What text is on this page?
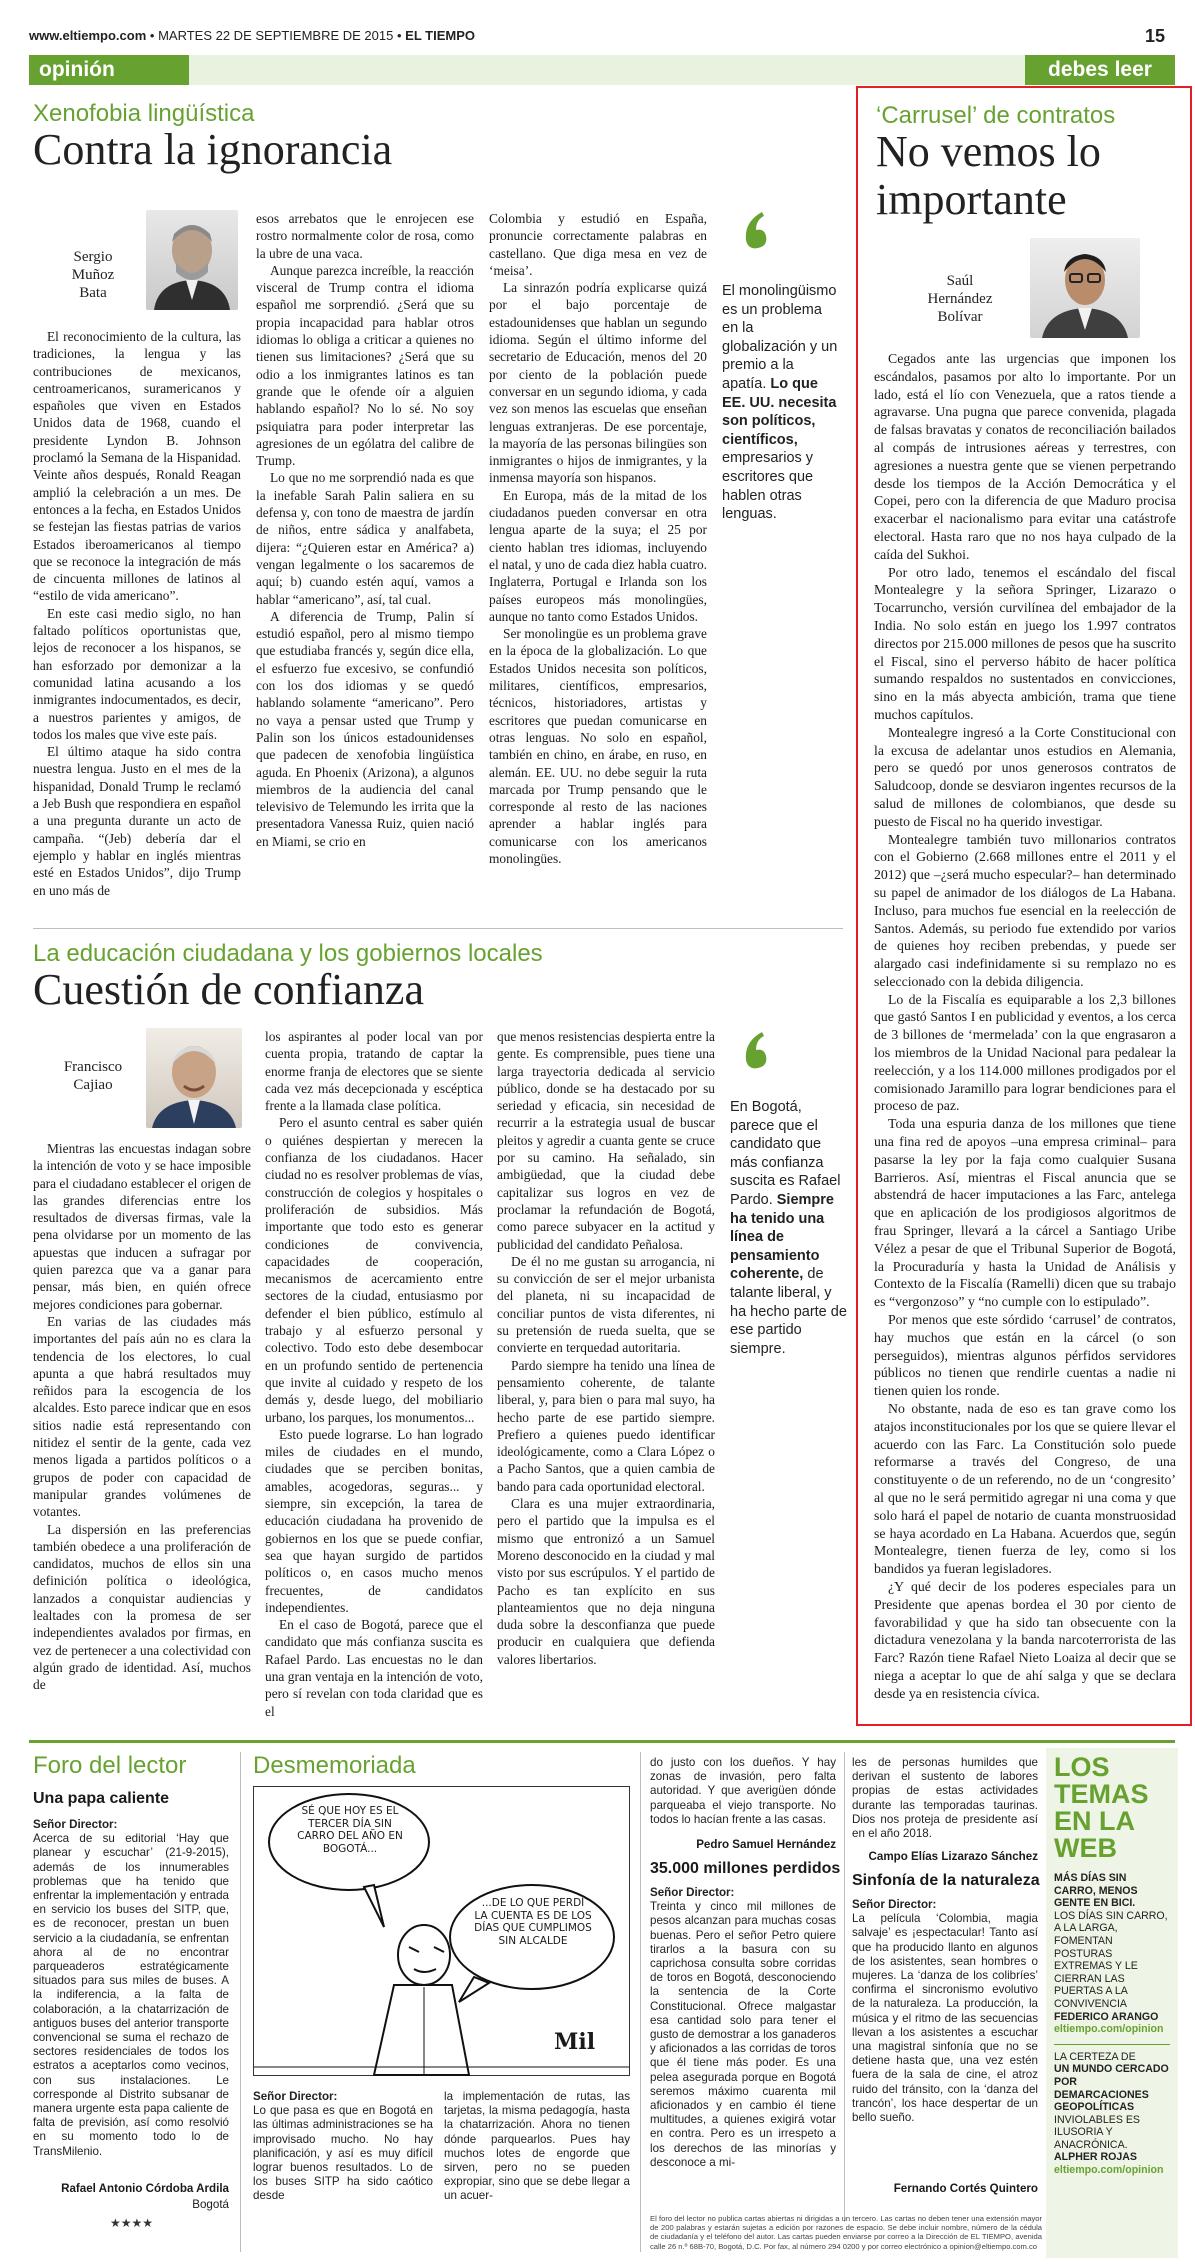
www.eltiempo.com • MARTES 22 DE SEPTIEMBRE DE 2015 • EL TIEMPO	15
opinión	debes leer
Xenofobia lingüística
Contra la ignorancia
Sergio
Muñoz
Bata

El reconocimiento de la cultura, las tradiciones, la lengua y las contribuciones de mexicanos, centroamericanos, suramericanos y españoles que viven en Estados Unidos data de 1968, cuando el presidente Lyndon B. Johnson proclamó la Semana de la Hispanidad. Veinte años después, Ronald Reagan amplió la celebración a un mes. De entonces a la fecha, en Estados Unidos se festejan las fiestas patrias de varios Estados iberoamericanos al tiempo que se reconoce la integración de más de cincuenta millones de latinos al “estilo de vida americano”.

En este casi medio siglo, no han faltado políticos oportunistas que, lejos de reconocer a los hispanos, se han esforzado por demonizar a la comunidad latina acusando a los inmigrantes indocumentados, es decir, a nuestros parientes y amigos, de todos los males que vive este país.

El último ataque ha sido contra nuestra lengua. Justo en el mes de la hispanidad, Donald Trump le reclamó a Jeb Bush que respondiera en español a una pregunta durante un acto de campaña. “(Jeb) debería dar el ejemplo y hablar en inglés mientras esté en Estados Unidos”, dijo Trump en uno más de

esos arrebatos que le enrojecen ese rostro normalmente color de rosa, como la ubre de una vaca.

Aunque parezca increíble, la reacción visceral de Trump contra el idioma español me sorprendió. ¿Será que su propia incapacidad para hablar otros idiomas lo obliga a criticar a quienes no tienen sus limitaciones? ¿Será que su odio a los inmigrantes latinos es tan grande que le ofende oír a alguien hablando español? No lo sé. No soy psiquiatra para poder interpretar las agresiones de un ególatra del calibre de Trump.

Lo que no me sorprendió nada es que la inefable Sarah Palin saliera en su defensa y, con tono de maestra de jardín de niños, entre sádica y analfabeta, dijera: “¿Quieren estar en América? a) vengan legalmente o los sacaremos de aquí; b) cuando estén aquí, vamos a hablar “americano”, así, tal cual.

A diferencia de Trump, Palin sí estudió español, pero al mismo tiempo que estudiaba francés y, según dice ella, el esfuerzo fue excesivo, se confundió con los dos idiomas y se quedó hablando solamente “americano”. Pero no vaya a pensar usted que Trump y Palin son los únicos estadounidenses que padecen de xenofobia lingüística aguda. En Phoenix (Arizona), a algunos miembros de la audiencia del canal televisivo de Telemundo les irrita que la presentadora Vanessa Ruiz, quien nació en Miami, se crio en

Colombia y estudió en España, pronuncie correctamente palabras en castellano. Que diga mesa en vez de ‘meisa’.

La sinrazón podría explicarse quizá por el bajo porcentaje de estadounidenses que hablan un segundo idioma. Según el último informe del secretario de Educación, menos del 20 por ciento de la población puede conversar en un segundo idioma, y cada vez son menos las escuelas que enseñan lenguas extranjeras. De ese porcentaje, la mayoría de las personas bilingües son inmigrantes o hijos de inmigrantes, y la inmensa mayoría son hispanos.

En Europa, más de la mitad de los ciudadanos pueden conversar en otra lengua aparte de la suya; el 25 por ciento hablan tres idiomas, incluyendo el natal, y uno de cada diez habla cuatro. Inglaterra, Portugal e Irlanda son los países europeos más monolingües, aunque no tanto como Estados Unidos.

Ser monolingüe es un problema grave en la época de la globalización. Lo que Estados Unidos necesita son políticos, militares, científicos, empresarios, técnicos, historiadores, artistas y escritores que puedan comunicarse en otras lenguas. No solo en español, también en chino, en árabe, en ruso, en alemán. EE. UU. no debe seguir la ruta marcada por Trump pensando que le corresponde al resto de las naciones aprender a hablar inglés para comunicarse con los americanos monolingües.

El monolingüismo es un problema en la globalización y un premio a la apatía. Lo que EE. UU. necesita son políticos, científicos, empresarios y escritores que hablen otras lenguas.
La educación ciudadana y los gobiernos locales
Cuestión de confianza
Francisco
Cajiao

Mientras las encuestas indagan sobre la intención de voto y se hace imposible para el ciudadano establecer el origen de las grandes diferencias entre los resultados de diversas firmas, vale la pena olvidarse por un momento de las apuestas que inducen a sufragar por quien parezca que va a ganar para pensar, más bien, en quién ofrece mejores condiciones para gobernar.

En varias de las ciudades más importantes del país aún no es clara la tendencia de los electores, lo cual apunta a que habrá resultados muy reñidos para la escogencia de los alcaldes. Esto parece indicar que en esos sitios nadie está representando con nitidez el sentir de la gente, cada vez menos ligada a partidos políticos o a grupos de poder con capacidad de manipular grandes volúmenes de votantes.

La dispersión en las preferencias también obedece a una proliferación de candidatos, muchos de ellos sin una definición política o ideológica, lanzados a conquistar audiencias y lealtades con la promesa de ser independientes avalados por firmas, en vez de pertenecer a una colectividad con algún grado de identidad. Así, muchos de

los aspirantes al poder local van por cuenta propia, tratando de captar la enorme franja de electores que se siente cada vez más decepcionada y escéptica frente a la llamada clase política.

Pero el asunto central es saber quién o quiénes despiertan y merecen la confianza de los ciudadanos. Hacer ciudad no es resolver problemas de vías, construcción de colegios y hospitales o proliferación de subsidios. Más importante que todo esto es generar condiciones de convivencia, capacidades de cooperación, mecanismos de acercamiento entre sectores de la ciudad, entusiasmo por defender el bien público, estímulo al trabajo y al esfuerzo personal y colectivo. Todo esto debe desembocar en un profundo sentido de pertenencia que invite al cuidado y respeto de los demás y, desde luego, del mobiliario urbano, los parques, los monumentos...

Esto puede lograrse. Lo han logrado miles de ciudades en el mundo, ciudades que se perciben bonitas, amables, acogedoras, seguras... y siempre, sin excepción, la tarea de educación ciudadana ha provenido de gobiernos en los que se puede confiar, sea que hayan surgido de partidos políticos o, en casos mucho menos frecuentes, de candidatos independientes.

En el caso de Bogotá, parece que el candidato que más confianza suscita es Rafael Pardo. Las encuestas no le dan una gran ventaja en la intención de voto, pero sí revelan con toda claridad que es el

que menos resistencias despierta entre la gente. Es comprensible, pues tiene una larga trayectoria dedicada al servicio público, donde se ha destacado por su seriedad y eficacia, sin necesidad de recurrir a la estrategia usual de buscar pleitos y agredir a cuanta gente se cruce por su camino. Ha señalado, sin ambigüedad, que la ciudad debe capitalizar sus logros en vez de proclamar la refundación de Bogotá, como parece subyacer en la actitud y publicidad del candidato Peñalosa.

De él no me gustan su arrogancia, ni su convicción de ser el mejor urbanista del planeta, ni su incapacidad de conciliar puntos de vista diferentes, ni su pretensión de rueda suelta, que se convierte en terquedad autoritaria.

Pardo siempre ha tenido una línea de pensamiento coherente, de talante liberal, y, para bien o para mal suyo, ha hecho parte de ese partido siempre. Prefiero a quienes puedo identificar ideológicamente, como a Clara López o a Pacho Santos, que a quien cambia de bando para cada oportunidad electoral.

Clara es una mujer extraordinaria, pero el partido que la impulsa es el mismo que entronizó a un Samuel Moreno desconocido en la ciudad y mal visto por sus escrúpulos. Y el partido de Pacho es tan explícito en sus planteamientos que no deja ninguna duda sobre la desconfianza que puede producir en cualquiera que defienda valores libertarios.

En Bogotá, parece que el candidato que más confianza suscita es Rafael Pardo. Siempre ha tenido una línea de pensamiento coherente, de talante liberal, y ha hecho parte de ese partido siempre.
‘Carrusel’ de contratos
No vemos lo
importante
Saúl
Hernández
Bolívar

Cegados ante las urgencias que imponen los escándalos, pasamos por alto lo importante. Por un lado, está el lío con Venezuela, que a ratos tiende a agravarse. Una pugna que parece convenida, plagada de falsas bravatas y conatos de reconciliación bailados al compás de intrusiones aéreas y terrestres, con agresiones a nuestra gente que se vienen perpetrando desde los tiempos de la Acción Democrática y el Copei, pero con la diferencia de que Maduro procisa exacerbar el nacionalismo para evitar una catástrofe electoral. Hasta raro que no nos haya culpado de la caída del Sukhoi.

Por otro lado, tenemos el escándalo del fiscal Montealegre y la señora Springer, Lizarazo o Tocarruncho, versión curvilínea del embajador de la India. No solo están en juego los 1.997 contratos directos por 215.000 millones de pesos que ha suscrito el Fiscal, sino el perverso hábito de hacer política sumando respaldos no sustentados en convicciones, sino en la más abyecta ambición, trama que tiene muchos capítulos.

Montealegre ingresó a la Corte Constitucional con la excusa de adelantar unos estudios en Alemania, pero se quedó por unos generosos contratos de Saludcoop, donde se desviaron ingentes recursos de la salud de millones de colombianos, que desde su puesto de Fiscal no ha querido investigar.

Montealegre también tuvo millonarios contratos con el Gobierno (2.668 millones entre el 2011 y el 2012) que –¿será mucho especular?– han determinado su papel de animador de los diálogos de La Habana. Incluso, para muchos fue esencial en la reelección de Santos. Además, su periodo fue extendido por varios de quienes hoy reciben prebendas, y puede ser alargado casi indefinidamente si su remplazo no es seleccionado con la debida diligencia.

Lo de la Fiscalía es equiparable a los 2,3 billones que gastó Santos I en publicidad y eventos, a los cerca de 3 billones de ‘mermelada’ con la que engrasaron a los miembros de la Unidad Nacional para pedalear la reelección, y a los 114.000 millones prodigados por el comisionado Jaramillo para lograr bendiciones para el proceso de paz.

Toda una espuria danza de los millones que tiene una fina red de apoyos –una empresa criminal– para pasarse la ley por la faja como cualquier Susana Barrieros. Así, mientras el Fiscal anuncia que se abstendrá de hacer imputaciones a las Farc, antelega que en aplicación de los prodigiosos algoritmos de frau Springer, llevará a la cárcel a Santiago Uribe Vélez a pesar de que el Tribunal Superior de Bogotá, la Procuraduría y hasta la Unidad de Análisis y Contexto de la Fiscalía (Ramelli) dicen que su trabajo es “vergonzoso” y “no cumple con lo estipulado”.

Por menos que este sórdido ‘carrusel’ de contratos, hay muchos que están en la cárcel (o son perseguidos), mientras algunos pérfidos servidores públicos no tienen que rendirle cuentas a nadie ni tienen quien los ronde.

No obstante, nada de eso es tan grave como los atajos inconstitucionales por los que se quiere llevar el acuerdo con las Farc. La Constitución solo puede reformarse a través del Congreso, de una constituyente o de un referendo, no de un ‘congresito’ al que no le será permitido agregar ni una coma y que solo hará el papel de notario de cuanta monstruosidad se haya acordado en La Habana. Acuerdos que, según Montealegre, tienen fuerza de ley, como si los bandidos ya fueran legisladores.

¿Y qué decir de los poderes especiales para un Presidente que apenas bordea el 30 por ciento de favorabilidad y que ha sido tan obsecuente con la dictadura venezolana y la banda narcoterrorista de las Farc? Razón tiene Rafael Nieto Loaiza al decir que se niega a aceptar lo que de ahí salga y que se declara desde ya en resistencia cívica.

Foro del lector
Una papa caliente

Señor Director:

Acerca de su editorial ‘Hay que planear y escuchar’ (21-9-2015), además de los innumerables problemas que ha tenido que enfrentar la implementación y entrada en servicio los buses del SITP, que, es de reconocer, prestan un buen servicio a la ciudadanía, se enfrentan ahora al de no encontrar parqueaderos estratégicamente situados para sus miles de buses. A la indiferencia, a la falta de colaboración, a la chatarrización de antiguos buses del anterior transporte convencional se suma el rechazo de sectores residenciales de todos los estratos a aceptarlos como vecinos, con sus instalaciones. Le corresponde al Distrito subsanar de manera urgente esta papa caliente de falta de previsión, así como resolvió en su momento todo lo de TransMilenio.

Rafael Antonio Córdoba Ardila
Bogotá
★★★★
Desmemoriada
SÉ QUE HOY ES EL TERCER DÍA SIN CARRO DEL AÑO EN BOGOTÁ...
...DE LO QUE PERDÍ LA CUENTA ES DE LOS DÍAS QUE CUMPLIMOS SIN ALCALDE
Mil

Señor Director:

Lo que pasa es que en Bogotá en las últimas administraciones se ha improvisado mucho. No hay planificación, y así es muy difícil lograr buenos resultados. Lo de los buses SITP ha sido caótico desde

la implementación de rutas, las tarjetas, la misma pedagogía, hasta la chatarrización. Ahora no tienen dónde parquearlos. Pues hay muchos lotes de engorde que sirven, pero no se pueden expropiar, sino que se debe llegar a un acuer-

do justo con los dueños. Y hay zonas de invasión, pero falta autoridad. Y que averigüen dónde parqueaba el viejo transporte. No todos lo hacían frente a las casas.

Pedro Samuel Hernández
35.000 millones perdidos

Señor Director:

Treinta y cinco mil millones de pesos alcanzan para muchas cosas buenas. Pero el señor Petro quiere tirarlos a la basura con su caprichosa consulta sobre corridas de toros en Bogotá, desconociendo la sentencia de la Corte Constitucional. Ofrece malgastar esa cantidad solo para tener el gusto de demostrar a los ganaderos y aficionados a las corridas de toros que él tiene más poder. Es una pelea asegurada porque en Bogotá seremos máximo cuarenta mil aficionados y en cambio él tiene multitudes, a quienes exigirá votar en contra. Pero es un irrespeto a los derechos de las minorías y desconoce a mi-

les de personas humildes que derivan el sustento de labores propias de estas actividades durante las temporadas taurinas. Dios nos proteja de presidente así en el año 2018.

Campo Elías Lizarazo Sánchez
Sinfonía de la naturaleza

Señor Director:

La película ‘Colombia, magia salvaje’ es ¡espectacular! Tanto así que ha producido llanto en algunos de los asistentes, sean hombres o mujeres. La ‘danza de los colibríes’ confirma el sincronismo evolutivo de la naturaleza. La producción, la música y el ritmo de las secuencias llevan a los asistentes a escuchar una magistral sinfonía que no se detiene hasta que, una vez estén fuera de la sala de cine, el atroz ruido del tránsito, con la ‘danza del trancón’, los hace despertar de un bello sueño.

Fernando Cortés Quintero
El foro del lector no publica cartas abiertas ni dirigidas a un tercero. Las cartas no deben tener una extensión mayor de 200 palabras y estarán sujetas a edición por razones de espacio. Se debe incluir nombre, número de la cédula de ciudadanía y el teléfono del autor. Las cartas pueden enviarse por correo a la Dirección de EL TIEMPO, avenida calle 26 n.º 68B-70, Bogotá, D.C. Por fax, al número 294 0200 y por correo electrónico a opinion@eltiempo.com.co
LOS
TEMAS
EN LA
WEB
MÁS DÍAS SIN CARRO, MENOS GENTE EN BICI.
LOS DÍAS SIN CARRO, A LA LARGA, FOMENTAN POSTURAS EXTREMAS Y LE CIERRAN LAS PUERTAS A LA CONVIVENCIA
FEDERICO ARANGO
eltiempo.com/opinion
LA CERTEZA DE
UN MUNDO CERCADO POR DEMARCACIONES GEOPOLÍTICAS
INVIOLABLES ES ILUSORIA Y ANACRÓNICA.
ALPHER ROJAS
eltiempo.com/opinion
